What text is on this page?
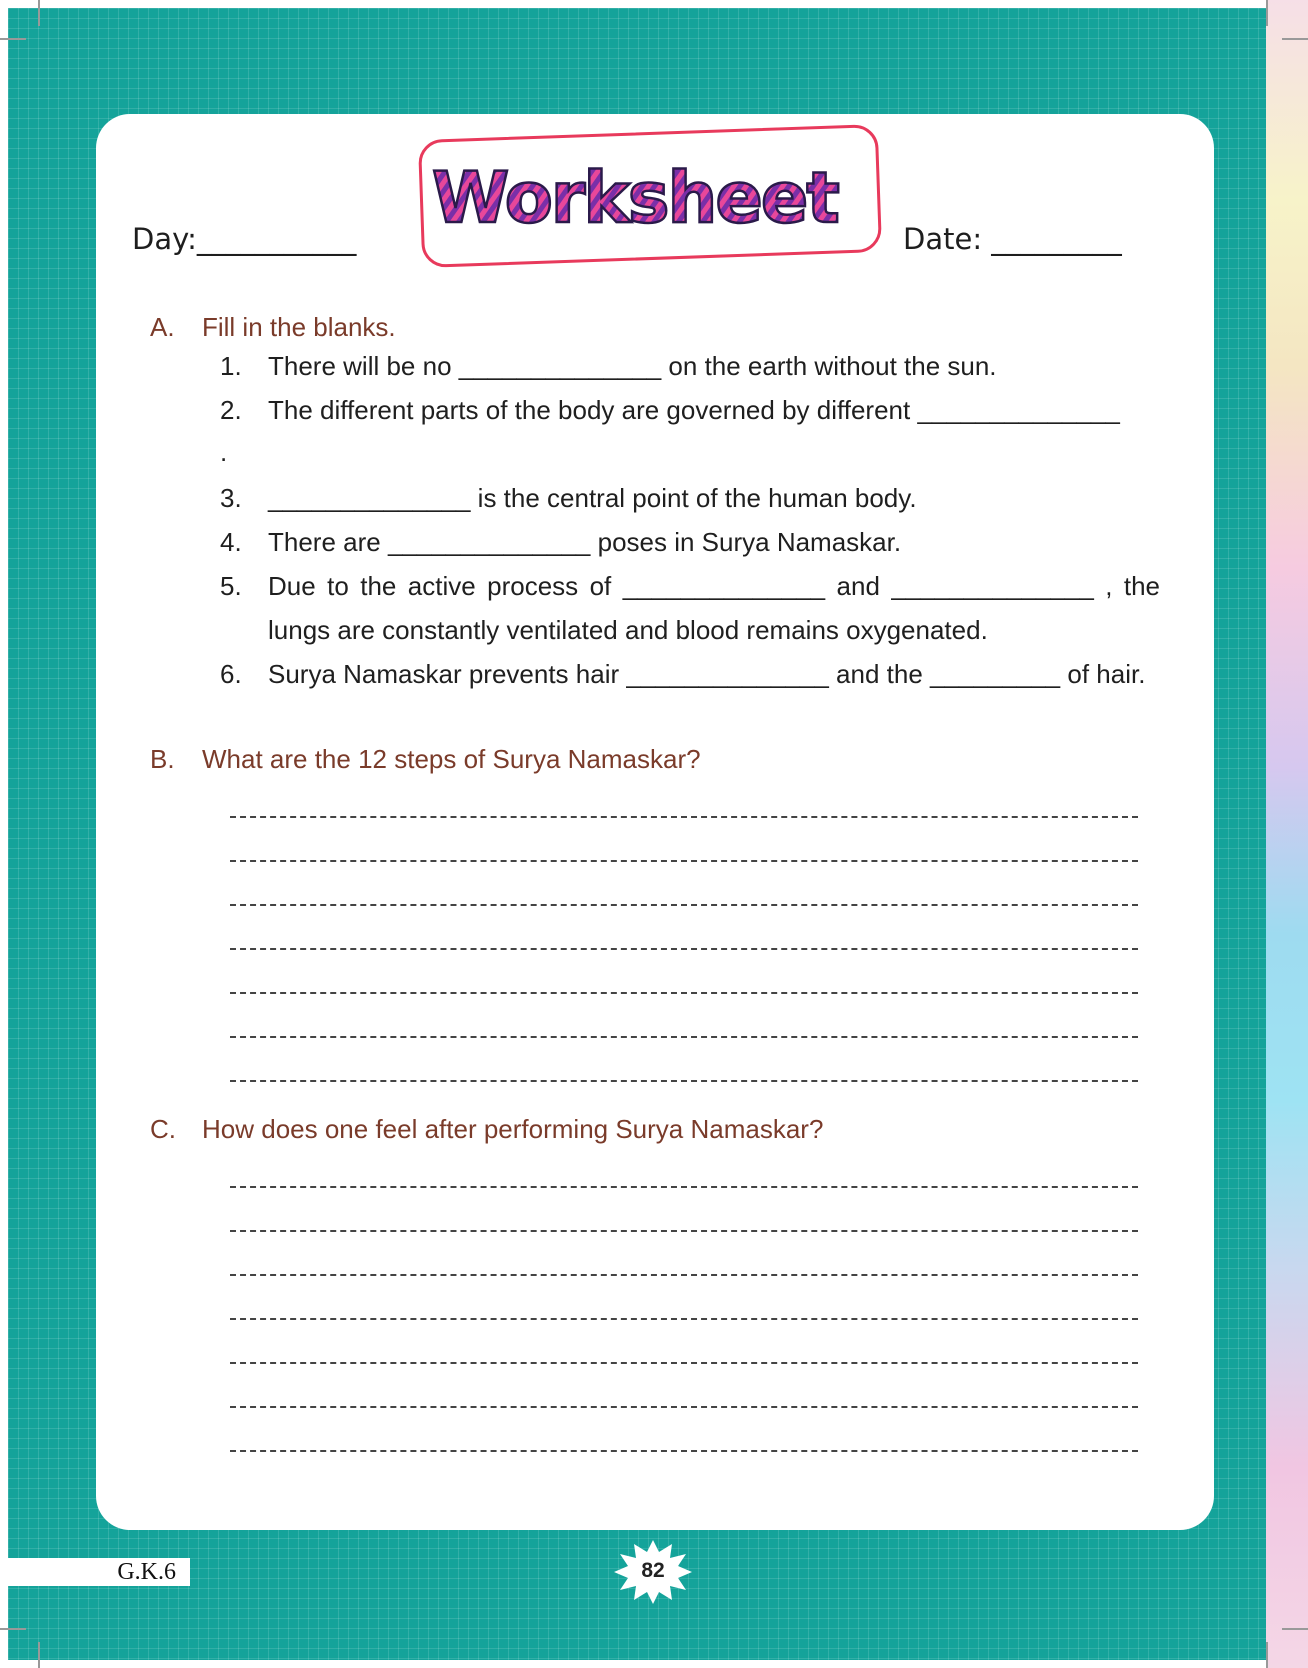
Day:___________	Date: _________
Worksheet
A. Fill in the blanks.
1.	There will be no ______________ on the earth without the sun.
2.	The different parts of the body are governed by different ______________
.
3.	______________ is the central point of the human body.
4.	There are ______________ poses in Surya Namaskar.
5.	Due to the active process of ______________ and ______________ , the
lungs are constantly ventilated and blood remains oxygenated.
6.	Surya Namaskar prevents hair ______________ and the _________ of hair.
B. What are the 12 steps of Surya Namaskar?
C. How does one feel after performing Surya Namaskar?
G.K.6	82
